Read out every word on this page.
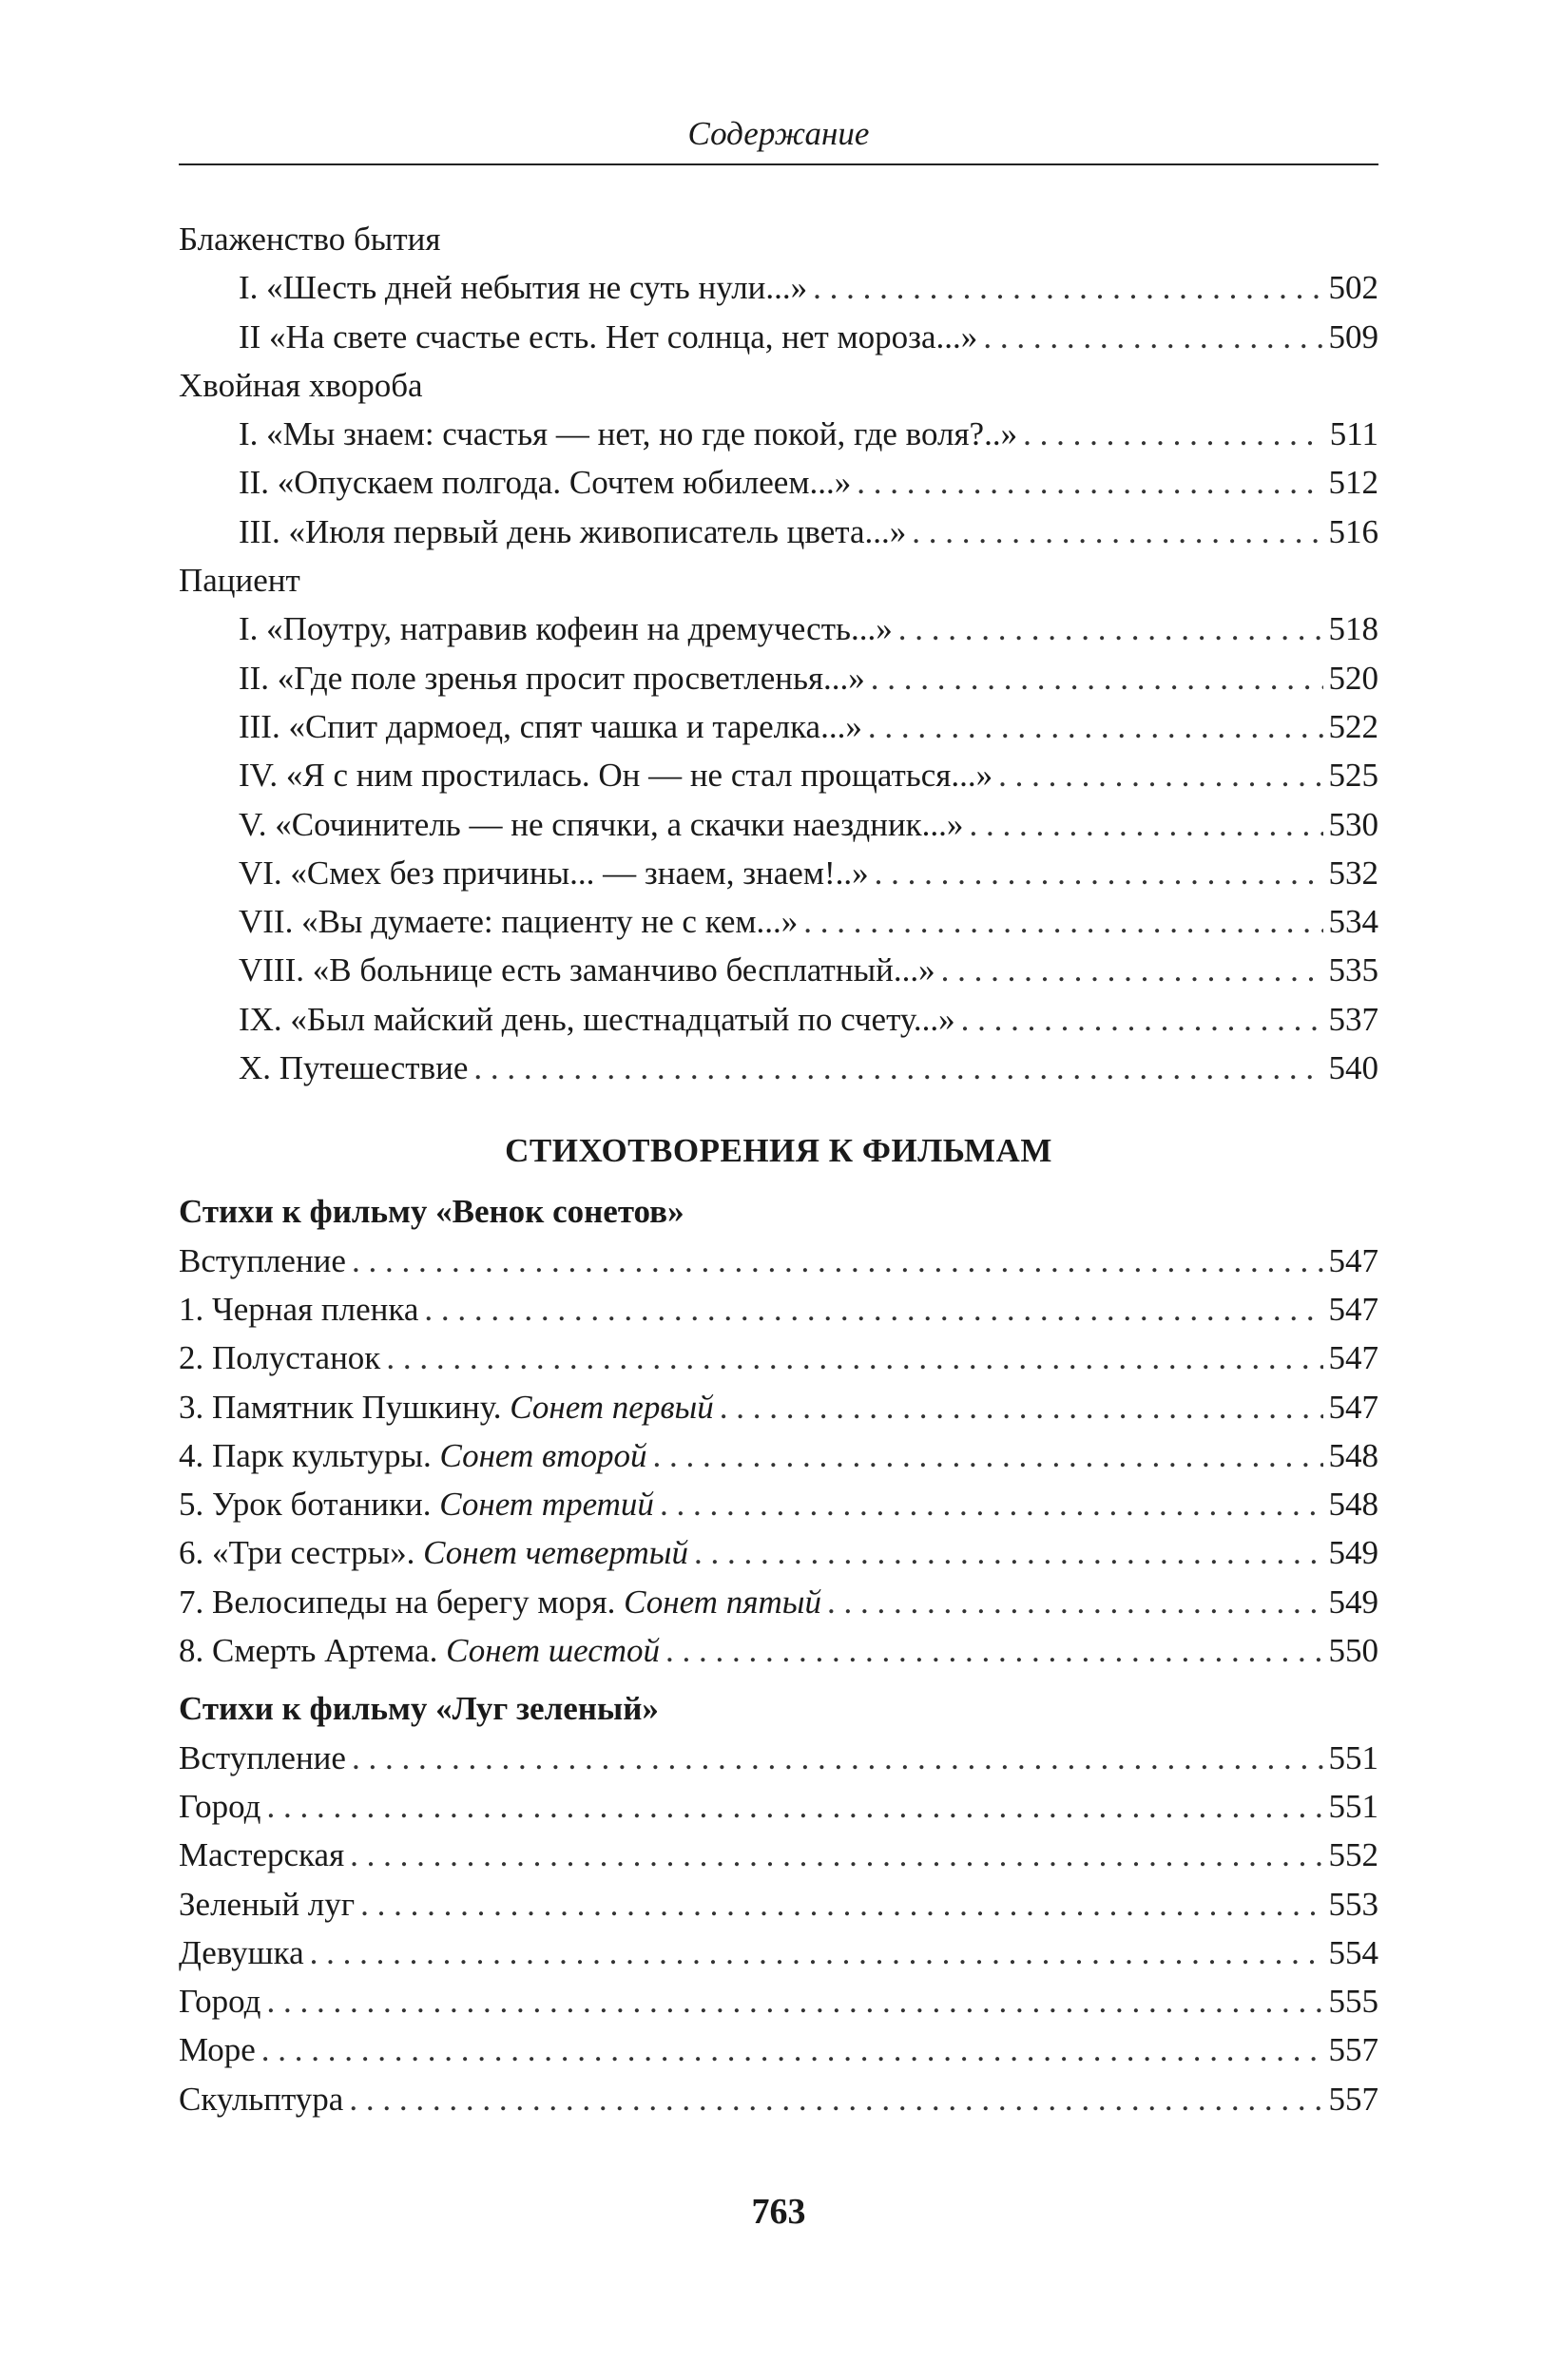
Содержание
Блаженство бытия
I. «Шесть дней небытия не суть нули...» . . .	502
II «На свете счастье есть. Нет солнца, нет мороза...» . . .	509
Хвойная хвороба
I. «Мы знаем: счастья — нет, но где покой, где воля?..» . . .	511
II. «Опускаем полгода. Сочтем юбилеем...» . . .	512
III. «Июля первый день живописатель цвета...» . . .	516
Пациент
I. «Поутру, натравив кофеин на дремучесть...» . . .	518
II. «Где поле зренья просит просветленья...» . . .	520
III. «Спит дармоед, спят чашка и тарелка...» . . .	522
IV. «Я с ним простилась. Он — не стал прощаться...» . . .	525
V. «Сочинитель — не спячки, а скачки наездник...» . . .	530
VI. «Смех без причины... — знаем, знаем!..» . . .	532
VII. «Вы думаете: пациенту не с кем...» . . .	534
VIII. «В больнице есть заманчиво бесплатный...» . . .	535
IX. «Был майский день, шестнадцатый по счету...» . . .	537
X. Путешествие . . .	540
СТИХОТВОРЕНИЯ К ФИЛЬМАМ
Стихи к фильму «Венок сонетов»
Вступление . . .	547
1. Черная пленка . . .	547
2. Полустанок . . .	547
3. Памятник Пушкину. Сонет первый . . .	547
4. Парк культуры. Сонет второй . . .	548
5. Урок ботаники. Сонет третий . . .	548
6. «Три сестры». Сонет четвертый . . .	549
7. Велосипеды на берегу моря. Сонет пятый . . .	549
8. Смерть Артема. Сонет шестой . . .	550
Стихи к фильму «Луг зеленый»
Вступление . . .	551
Город . . .	551
Мастерская . . .	552
Зеленый луг . . .	553
Девушка . . .	554
Город . . .	555
Море . . .	557
Скульптура . . .	557
763
